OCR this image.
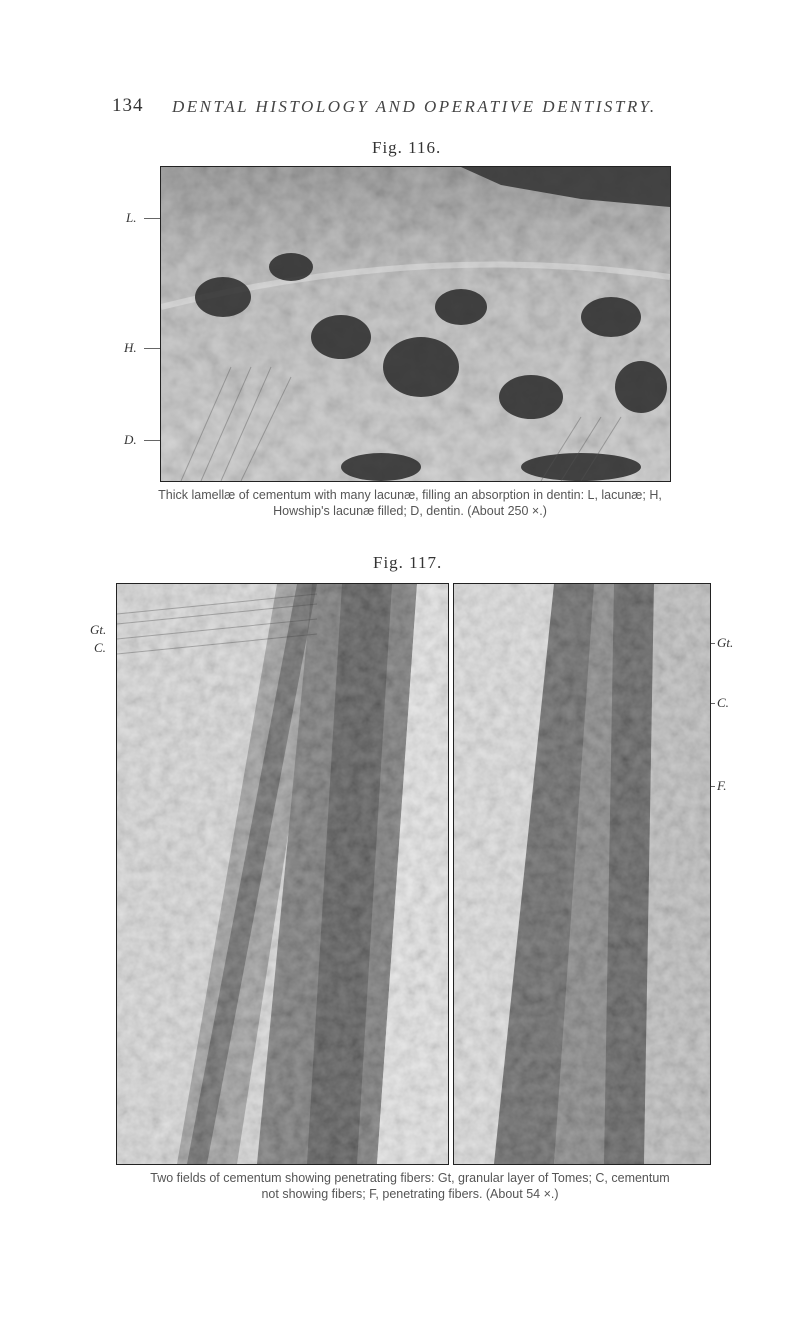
134 DENTAL HISTOLOGY AND OPERATIVE DENTISTRY.
Fig. 116.
L.
H.
D.
Thick lamellæ of cementum with many lacunæ, filling an absorption in dentin: L, lacunæ; H,
Howship's lacunæ filled; D, dentin. (About 250 ×.)
Fig. 117.
Gt.
C.	Gt.
C.
F.
Two fields of cementum showing penetrating fibers: Gt, granular layer of Tomes; C, cementum
not showing fibers; F, penetrating fibers. (About 54 ×.)
